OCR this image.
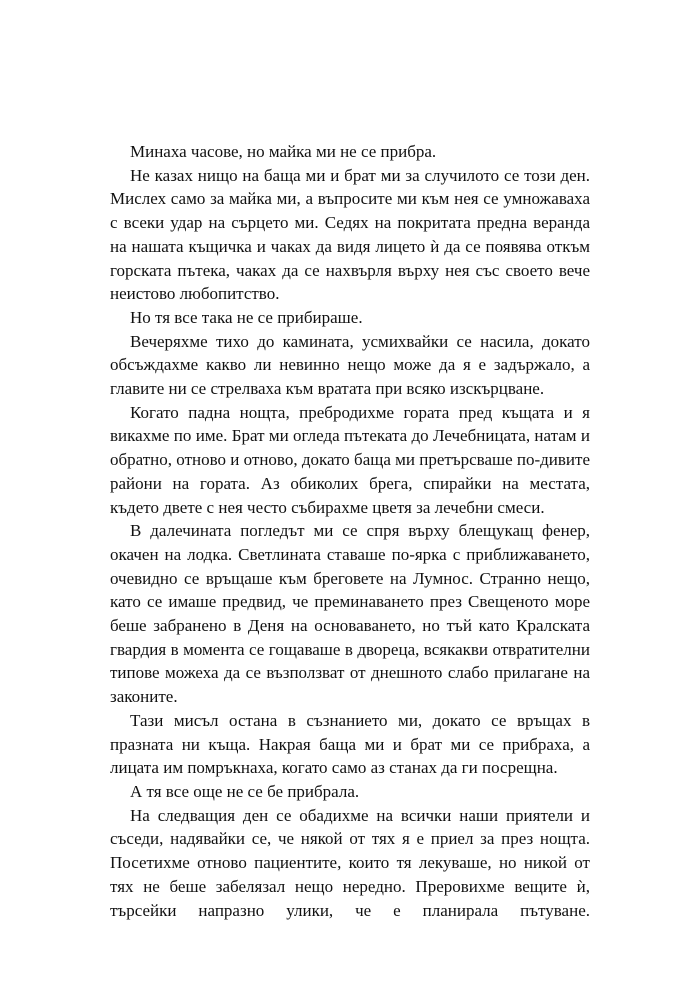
Минаха часове, но майка ми не се прибра.

Не казах нищо на баща ми и брат ми за случилото се този ден. Мислех само за майка ми, а въпросите ми към нея се умножаваха с всеки удар на сърцето ми. Седях на покритата предна веранда на нашата къщичка и чаках да видя лицето ѝ да се появява откъм горската пътека, чаках да се нахвърля върху нея със своето вече неистово любопитство.

Но тя все така не се прибираше.

Вечеряхме тихо до камината, усмихвайки се насила, докато обсъждахме какво ли невинно нещо може да я е задържало, а главите ни се стрелваха към вратата при всяко изскърцване.

Когато падна нощта, пребродихме гората пред къщата и я викахме по име. Брат ми огледа пътеката до Лечебницата, натам и обратно, отново и отново, докато баща ми претърсваше по-дивите райони на гората. Аз обиколих брега, спирайки на местата, където двете с нея често събирахме цветя за лечебни смеси.

В далечината погледът ми се спря върху блещукащ фенер, окачен на лодка. Светлината ставаше по-ярка с приближаването, очевидно се връщаше към бреговете на Лумнос. Странно нещо, като се имаше предвид, че преминаването през Свещеното море беше забранено в Деня на основаването, но тъй като Кралската гвардия в момента се гощаваше в двореца, всякакви отвратителни типове можеха да се възползват от днешното слабо прилагане на законите.

Тази мисъл остана в съзнанието ми, докато се връщах в празната ни къща. Накрая баща ми и брат ми се прибраха, а лицата им помръкнаха, когато само аз станах да ги посрещна.

А тя все още не се бе прибрала.

На следващия ден се обадихме на всички наши приятели и съседи, надявайки се, че някой от тях я е приел за през нощта. Посетихме отново пациентите, които тя лекуваше, но никой от тях не беше забелязал нещо нередно. Преровихме вещите ѝ, търсейки напразно улики, че е планирала пътуване.
